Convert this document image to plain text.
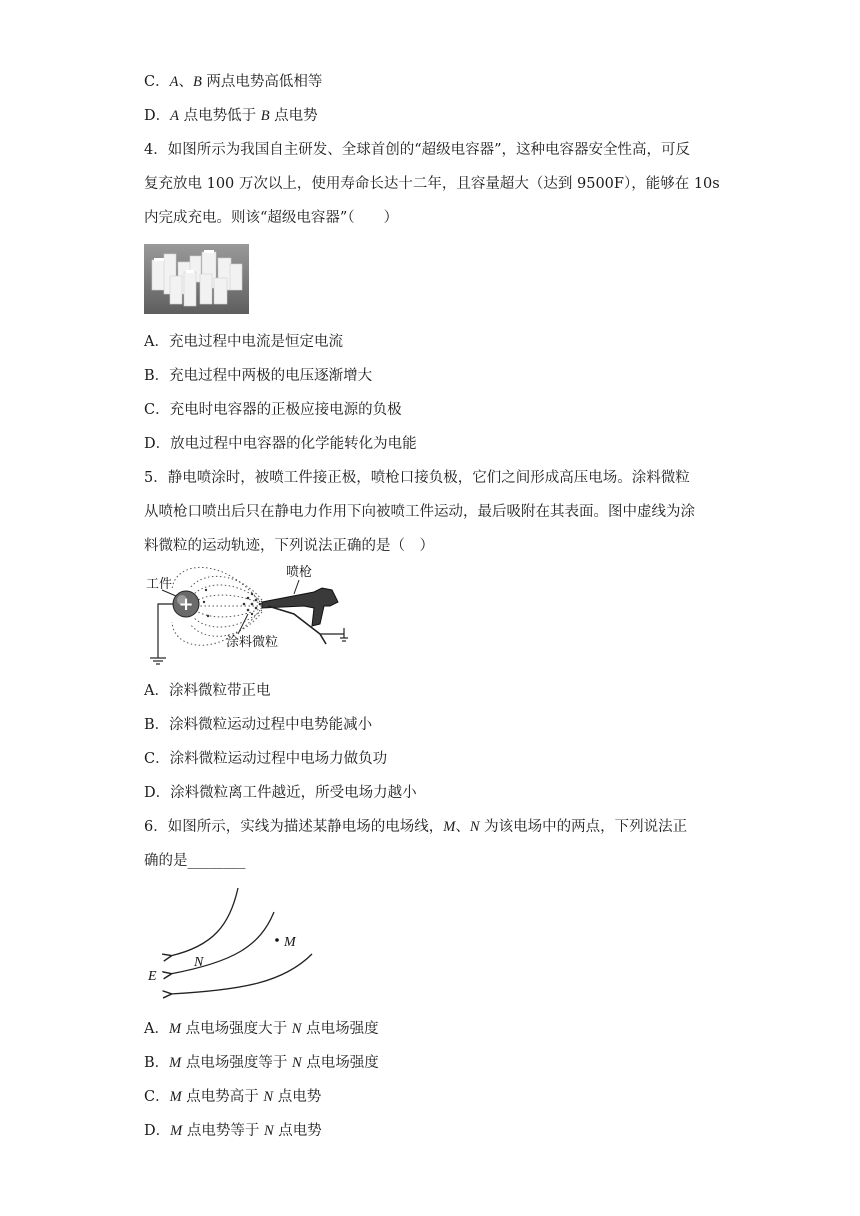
C．A、B 两点电势高低相等
D．A 点电势低于 B 点电势
4．如图所示为我国自主研发、全球首创的“超级电容器”，这种电容器安全性高，可反
复充放电 100 万次以上，使用寿命长达十二年，且容量超大（达到 9500F），能够在 10s
内完成充电。则该“超级电容器”（　　）
A．充电过程中电流是恒定电流
B．充电过程中两极的电压逐渐增大
C．充电时电容器的正极应接电源的负极
D．放电过程中电容器的化学能转化为电能
5．静电喷涂时，被喷工件接正极，喷枪口接负极，它们之间形成高压电场。涂料微粒
从喷枪口喷出后只在静电力作用下向被喷工件运动，最后吸附在其表面。图中虚线为涂
料微粒的运动轨迹，下列说法正确的是（　）
+
工件
喷枪
涂料微粒
A．涂料微粒带正电
B．涂料微粒运动过程中电势能减小
C．涂料微粒运动过程中电场力做负功
D．涂料微粒离工件越近，所受电场力越小
6．如图所示，实线为描述某静电场的电场线，M、N 为该电场中的两点，下列说法正
确的是________
M
N
E
A．M 点电场强度大于 N 点电场强度
B．M 点电场强度等于 N 点电场强度
C．M 点电势高于 N 点电势
D．M 点电势等于 N 点电势
